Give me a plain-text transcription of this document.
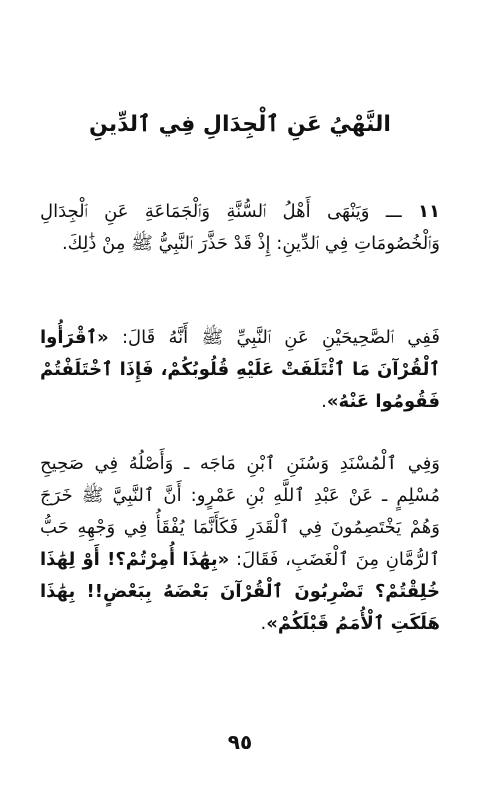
النَّهْيُ عَنِ ٱلْجِدَالِ فِي ٱلدِّينِ

١١ ـــ وَيَنْهَى أَهْلُ ٱلسُّنَّةِ وَٱلْجَمَاعَةِ عَنِ ٱلْجِدَالِ وَٱلْخُصُومَاتِ فِي ٱلدِّينِ: إِذْ قَدْ حَذَّرَ ٱلنَّبِيُّ ﷺ مِنْ ذَٰلِكَ.

فَفِي ٱلصَّحِيحَيْنِ عَنِ ٱلنَّبِيِّ ﷺ أَنَّهُ قَالَ: «ٱقْرَأُوا ٱلْقُرْآنَ مَا ٱئْتَلَفَتْ عَلَيْهِ قُلُوبُكُمْ، فَإِذَا ٱخْتَلَفْتُمْ فَقُومُوا عَنْهُ».

وَفِي ٱلْمُسْنَدِ وَسُنَنِ ٱبْنِ مَاجَه ـ وَأَصْلُهُ فِي صَحِيحِ مُسْلِمٍ ـ عَنْ عَبْدِ ٱللَّهِ بْنِ عَمْرٍو: أَنَّ ٱلنَّبِيَّ ﷺ خَرَجَ وَهُمْ يَخْتَصِمُونَ فِي ٱلْقَدَرِ فَكَأَنَّمَا يُفْقَأُ فِي وَجْهِهِ حَبُّ ٱلرُّمَّانِ مِنَ ٱلْغَضَبِ، فَقَالَ: «بِهَٰذَا أُمِرْتُمْ؟! أَوْ لِهَٰذَا خُلِقْتُمْ؟ تَضْرِبُونَ ٱلْقُرْآنَ بَعْضَهُ بِبَعْضٍ!! بِهَٰذَا هَلَكَتِ ٱلْأُمَمُ قَبْلَكُمْ».

٩٥
